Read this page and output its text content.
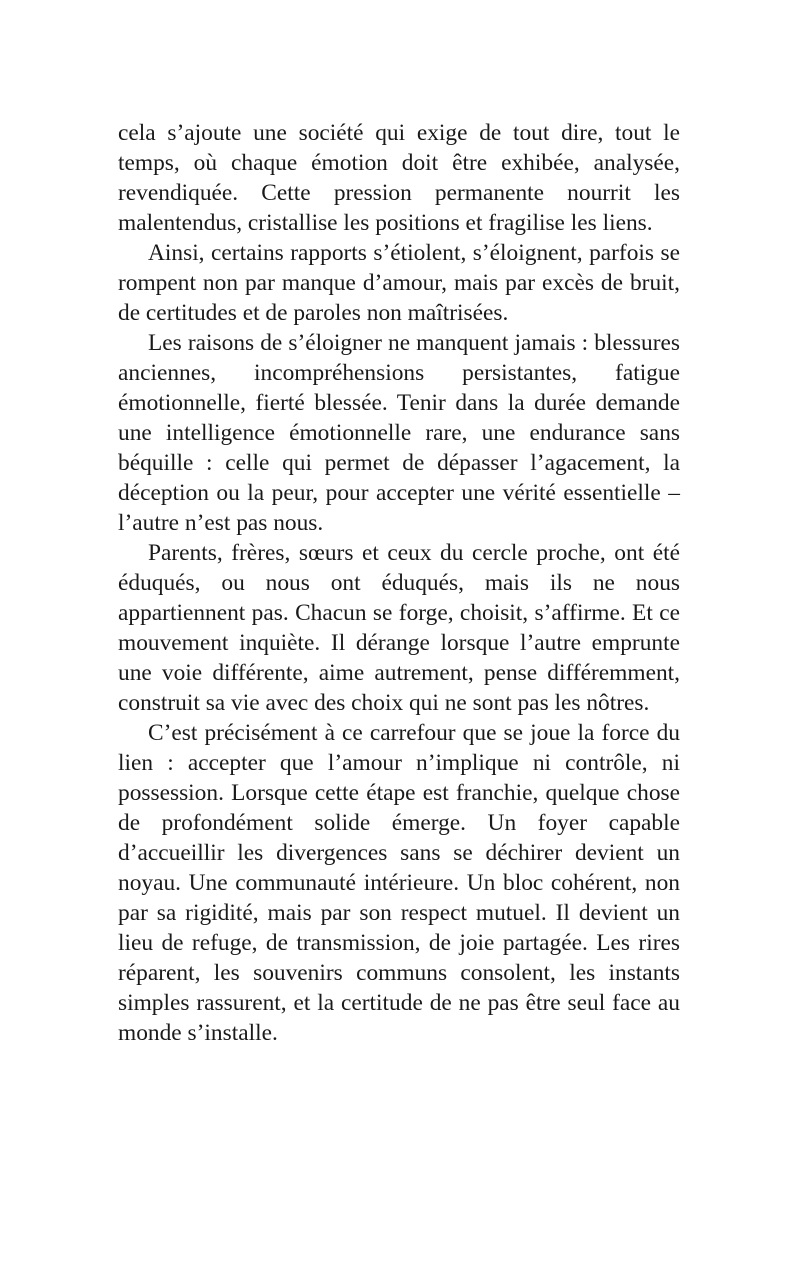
cela s’ajoute une société qui exige de tout dire, tout le temps, où chaque émotion doit être exhibée, analysée, revendiquée. Cette pression permanente nourrit les malentendus, cristallise les positions et fragilise les liens.

Ainsi, certains rapports s’étiolent, s’éloignent, parfois se rompent non par manque d’amour, mais par excès de bruit, de certitudes et de paroles non maîtrisées.

Les raisons de s’éloigner ne manquent jamais : blessures anciennes, incompréhensions persistantes, fatigue émotionnelle, fierté blessée. Tenir dans la durée demande une intelligence émotionnelle rare, une endurance sans béquille : celle qui permet de dépasser l’agacement, la déception ou la peur, pour accepter une vérité essentielle – l’autre n’est pas nous.

Parents, frères, sœurs et ceux du cercle proche, ont été éduqués, ou nous ont éduqués, mais ils ne nous appartiennent pas. Chacun se forge, choisit, s’affirme. Et ce mouvement inquiète. Il dérange lorsque l’autre emprunte une voie différente, aime autrement, pense différemment, construit sa vie avec des choix qui ne sont pas les nôtres.

C’est précisément à ce carrefour que se joue la force du lien : accepter que l’amour n’implique ni contrôle, ni possession. Lorsque cette étape est franchie, quelque chose de profondément solide émerge. Un foyer capable d’accueillir les divergences sans se déchirer devient un noyau. Une communauté intérieure. Un bloc cohérent, non par sa rigidité, mais par son respect mutuel. Il devient un lieu de refuge, de transmission, de joie partagée. Les rires réparent, les souvenirs communs consolent, les instants simples rassurent, et la certitude de ne pas être seul face au monde s’installe.
